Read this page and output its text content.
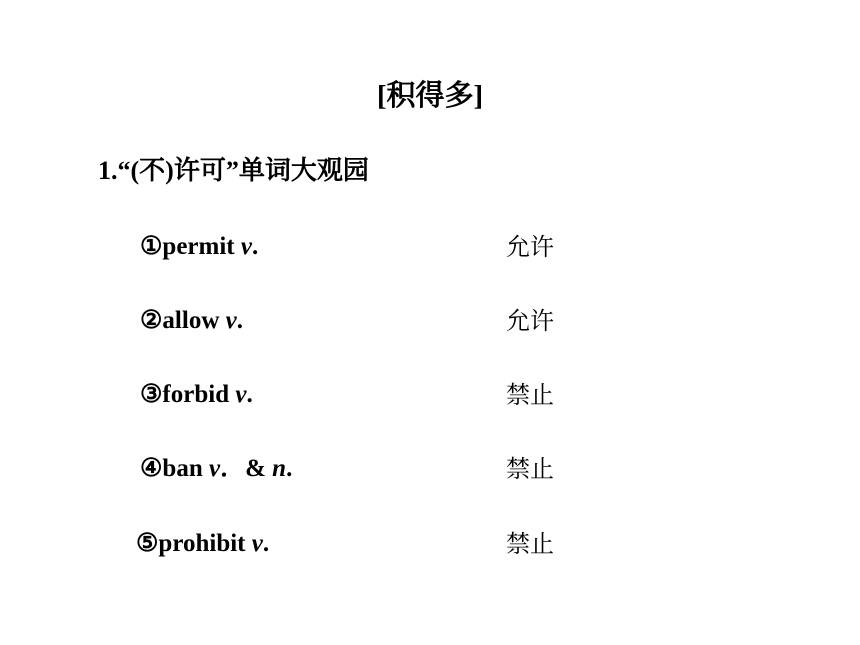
[积得多]
1.“(不)许可”单词大观园
①permit v.	允许
②allow v.	允许
③forbid v.	禁止
④ban v．& n.	禁止
⑤prohibit v.	禁止
